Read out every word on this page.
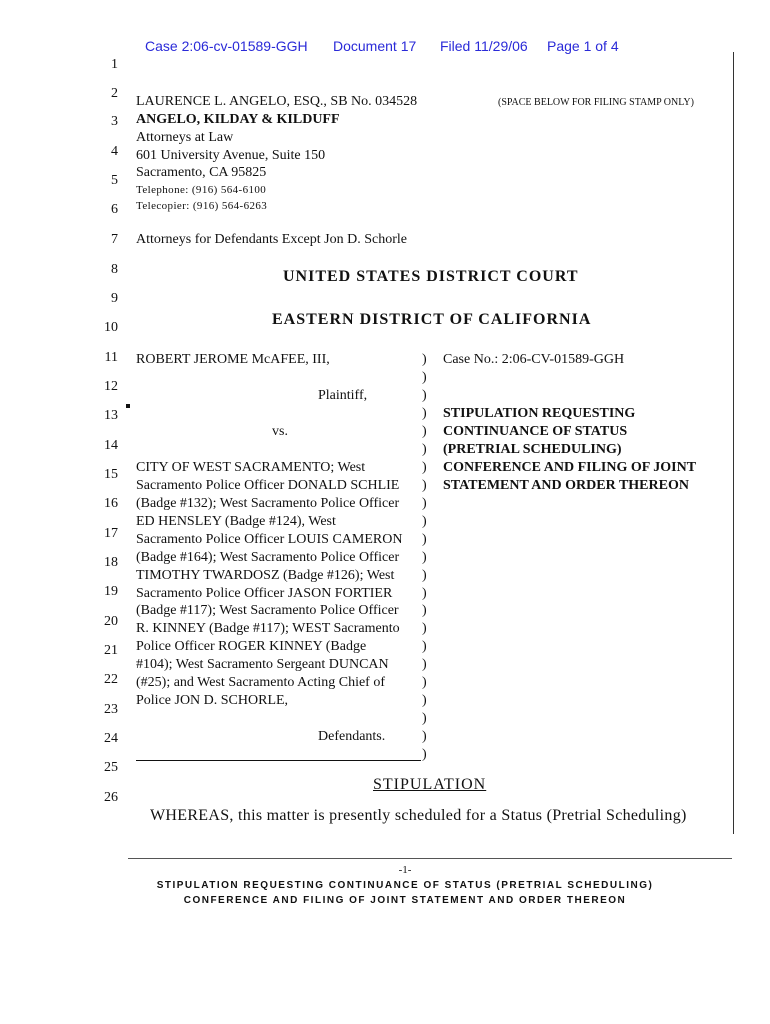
Case 2:06-cv-01589-GGH Document 17 Filed 11/29/06 Page 1 of 4
1
2
3
4
5
6
7
8
9
10
11
12
13
14
15
16
17
18
19
20
21
22
23
24
25
26
LAURENCE L. ANGELO, ESQ., SB No. 034528
ANGELO, KILDAY & KILDUFF
Attorneys at Law
601 University Avenue, Suite 150
Sacramento, CA 95825
Telephone: (916) 564-6100
Telecopier: (916) 564-6263
Attorneys for Defendants Except Jon D. Schorle
(SPACE BELOW FOR FILING STAMP ONLY)
UNITED STATES DISTRICT COURT
EASTERN DISTRICT OF CALIFORNIA
ROBERT JEROME McAFEE, III,
Plaintiff,
vs.
CITY OF WEST SACRAMENTO; West
Sacramento Police Officer DONALD SCHLIE
(Badge #132); West Sacramento Police Officer
ED HENSLEY (Badge #124), West
Sacramento Police Officer LOUIS CAMERON
(Badge #164); West Sacramento Police Officer
TIMOTHY TWARDOSZ (Badge #126); West
Sacramento Police Officer JASON FORTIER
(Badge #117); West Sacramento Police Officer
R. KINNEY (Badge #117); WEST Sacramento
Police Officer ROGER KINNEY (Badge
#104); West Sacramento Sergeant DUNCAN
(#25); and West Sacramento Acting Chief of
Police JON D. SCHORLE,
Defendants.
)
)
)
)
)
)
)
)
)
)
)
)
)
)
)
)
)
)
)
)
)
)
)
Case No.: 2:06-CV-01589-GGH
STIPULATION REQUESTING
CONTINUANCE OF STATUS
(PRETRIAL SCHEDULING)
CONFERENCE AND FILING OF JOINT
STATEMENT AND ORDER THEREON
STIPULATION
WHEREAS, this matter is presently scheduled for a Status (Pretrial Scheduling)
-1-
STIPULATION REQUESTING CONTINUANCE OF STATUS (PRETRIAL SCHEDULING)
CONFERENCE AND FILING OF JOINT STATEMENT AND ORDER THEREON
